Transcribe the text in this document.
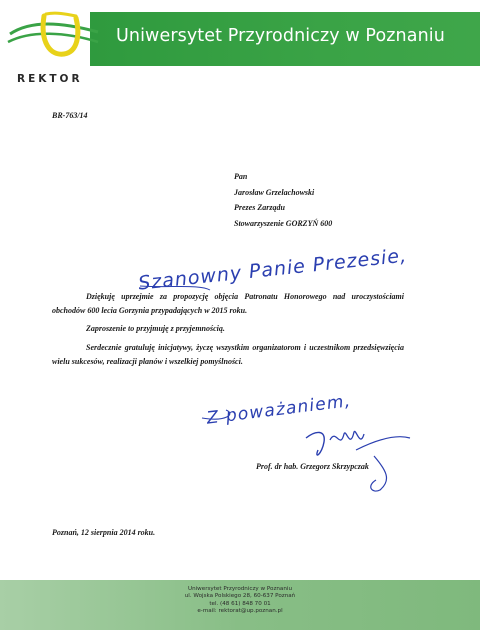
Uniwersytet Przyrodniczy w Poznaniu
REKTOR
BR-763/14
Pan
Jarosław Grzelachowski
Prezes Zarządu
Stowarzyszenie GORZYŃ 600
Szanowny Panie Prezesie,

Dziękuję uprzejmie za propozycję objęcia Patronatu Honorowego nad uroczystościami obchodów 600 lecia Gorzynia przypadających w 2015 roku.

Zaproszenie to przyjmuję z przyjemnością.

Serdecznie gratuluję inicjatywy, życzę wszystkim organizatorom i uczestnikom przedsięwzięcia wielu sukcesów, realizacji planów i wszelkiej pomyślności.

Z poważaniem,
Prof. dr hab. Grzegorz Skrzypczak
Poznań, 12 sierpnia 2014 roku.
Uniwersytet Przyrodniczy w Poznaniu
ul. Wojska Polskiego 28, 60-637 Poznań
tel. (48 61) 848 70 01
e-mail: rektorat@up.poznan.pl
